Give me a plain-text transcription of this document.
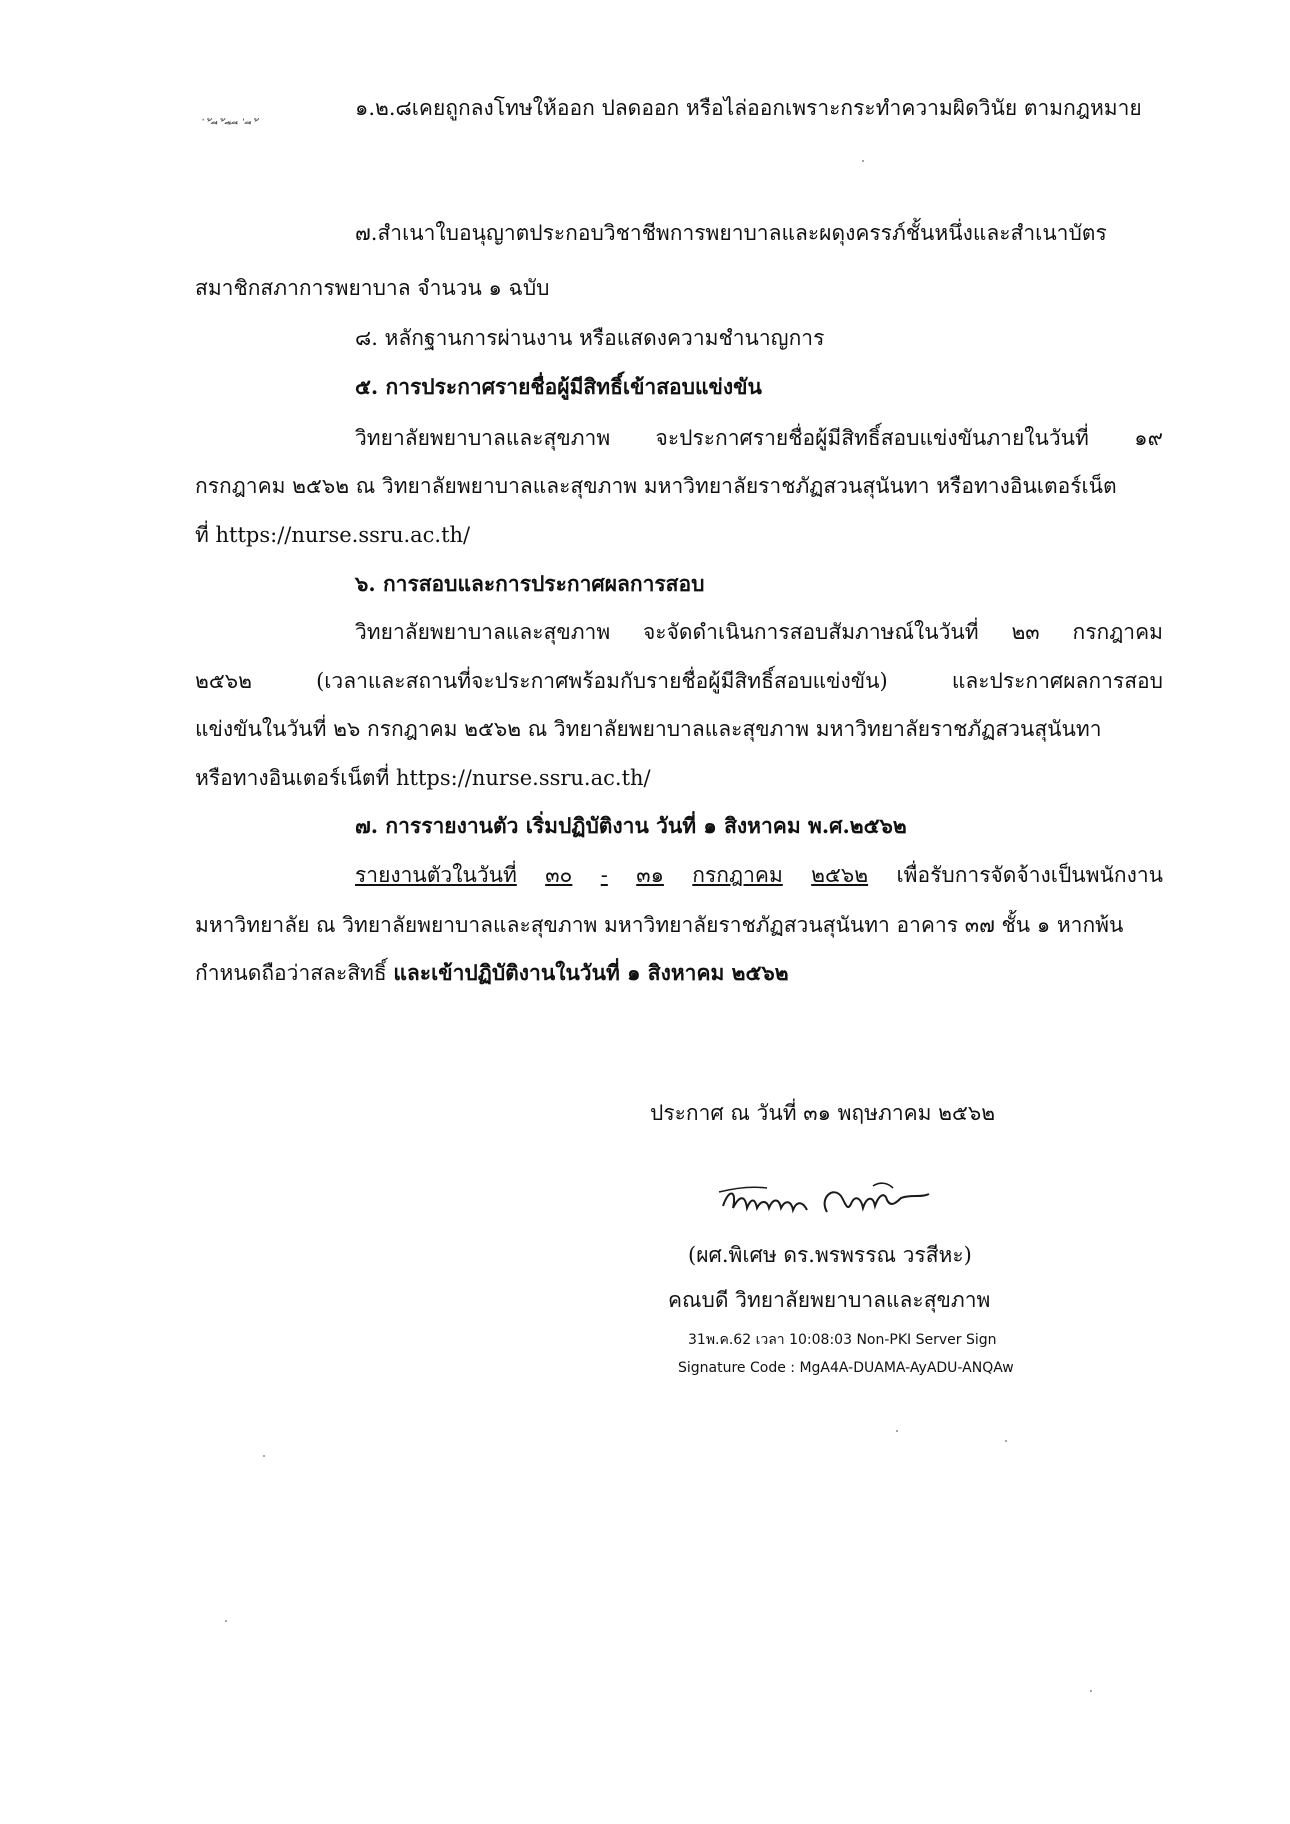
๑.๒.๘เคยถูกลงโทษให้ออก ปลดออก หรือไล่ออกเพราะกระทำความผิดวินัย ตามกฎหมาย
่ ้ ี ้ ื ี ่ ี ้
๗.สำเนาใบอนุญาตประกอบวิชาชีพการพยาบาลและผดุงครรภ์ชั้นหนึ่งและสำเนาบัตร
สมาชิกสภาการพยาบาล จำนวน ๑ ฉบับ
๘. หลักฐานการผ่านงาน หรือแสดงความชำนาญการ
๕. การประกาศรายชื่อผู้มีสิทธิ์เข้าสอบแข่งขัน
วิทยาลัยพยาบาลและสุขภาพ จะประกาศรายชื่อผู้มีสิทธิ์สอบแข่งขันภายในวันที่ ๑๙
กรกฎาคม ๒๕๖๒ ณ วิทยาลัยพยาบาลและสุขภาพ มหาวิทยาลัยราชภัฏสวนสุนันทา หรือทางอินเตอร์เน็ต
ที่ https://nurse.ssru.ac.th/
๖. การสอบและการประกาศผลการสอบ
วิทยาลัยพยาบาลและสุขภาพ จะจัดดำเนินการสอบสัมภาษณ์ในวันที่ ๒๓ กรกฎาคม
๒๕๖๒	(เวลาและสถานที่จะประกาศพร้อมกับรายชื่อผู้มีสิทธิ์สอบแข่งขัน)	และประกาศผลการสอบ
แข่งขันในวันที่ ๒๖ กรกฎาคม ๒๕๖๒ ณ วิทยาลัยพยาบาลและสุขภาพ มหาวิทยาลัยราชภัฏสวนสุนันทา
หรือทางอินเตอร์เน็ตที่ https://nurse.ssru.ac.th/
๗. การรายงานตัว เริ่มปฏิบัติงาน วันที่ ๑ สิงหาคม พ.ศ.๒๕๖๒
รายงานตัวในวันที่ ๓๐ - ๓๑ กรกฎาคม ๒๕๖๒ เพื่อรับการจัดจ้างเป็นพนักงาน
มหาวิทยาลัย ณ วิทยาลัยพยาบาลและสุขภาพ มหาวิทยาลัยราชภัฏสวนสุนันทา อาคาร ๓๗ ชั้น ๑ หากพ้น
กำหนดถือว่าสละสิทธิ์ และเข้าปฏิบัติงานในวันที่ ๑ สิงหาคม ๒๕๖๒
ประกาศ ณ วันที่ ๓๑ พฤษภาคม ๒๕๖๒
(ผศ.พิเศษ ดร.พรพรรณ วรสีหะ)
คณบดี วิทยาลัยพยาบาลและสุขภาพ
31พ.ค.62 เวลา 10:08:03 Non-PKI Server Sign
Signature Code : MgA4A-DUAMA-AyADU-ANQAw
